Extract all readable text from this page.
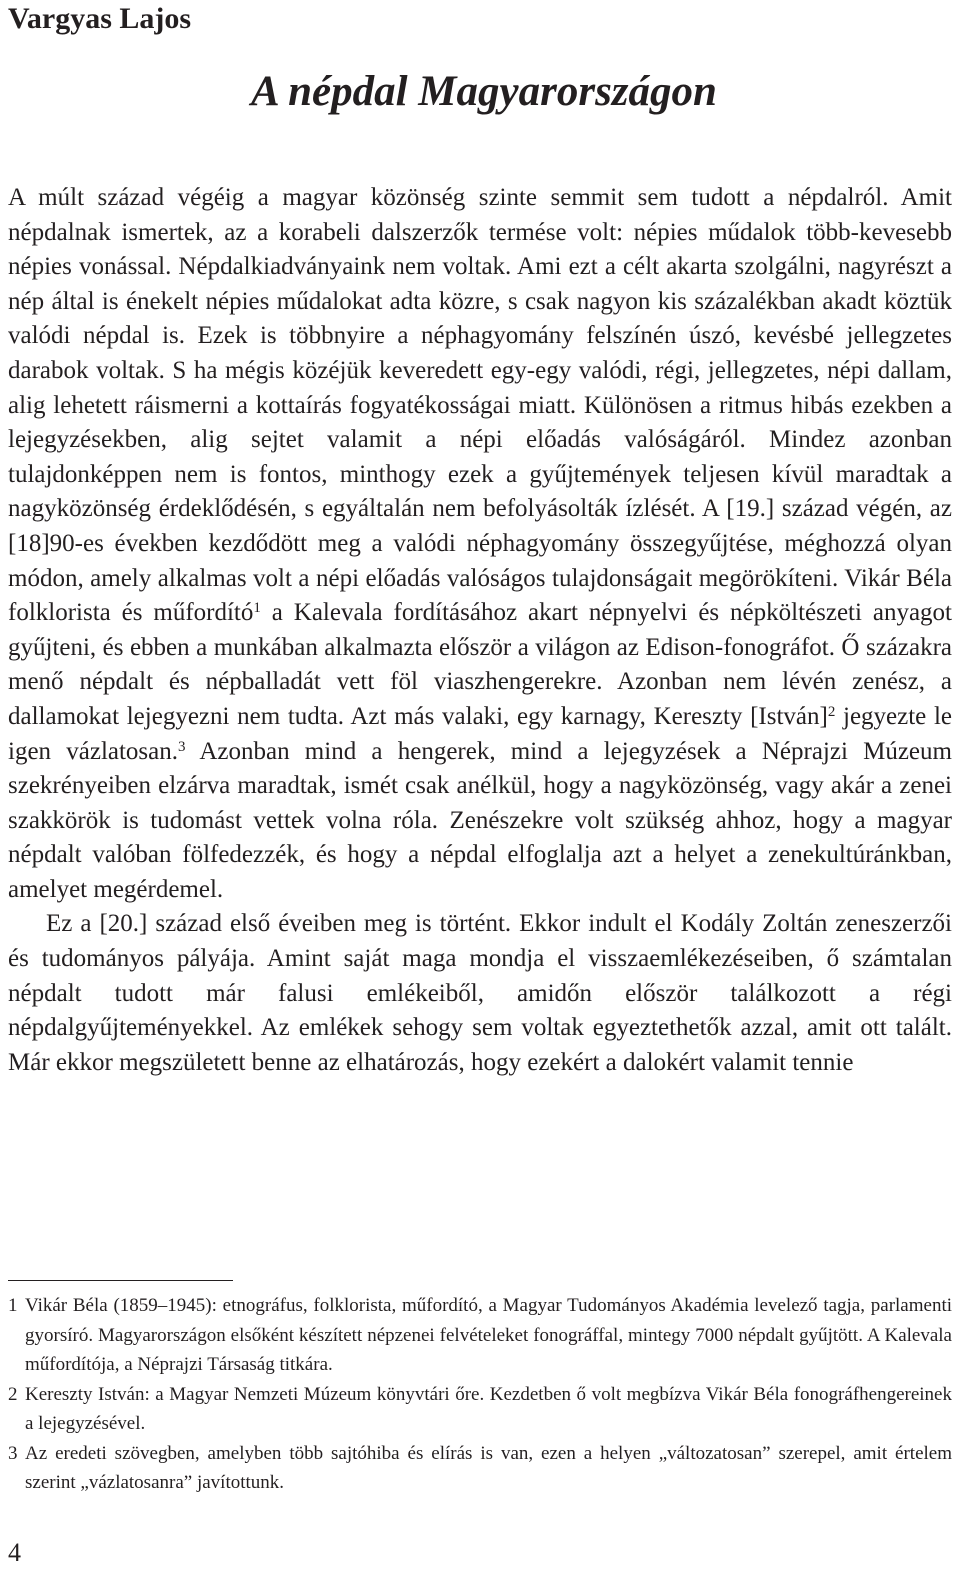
Vargyas Lajos
A népdal Magyarországon

A múlt század végéig a magyar közönség szinte semmit sem tudott a népdalról. Amit népdalnak ismertek, az a korabeli dalszerzők termése volt: népies műdalok több-kevesebb népies vonással. Népdalkiadványaink nem voltak. Ami ezt a célt akarta szolgálni, nagyrészt a nép által is énekelt népies műdalokat adta közre, s csak nagyon kis százalékban akadt köztük valódi népdal is. Ezek is többnyire a néphagyomány felszínén úszó, kevésbé jellegzetes darabok voltak. S ha mégis közéjük keveredett egy-egy valódi, régi, jellegzetes, népi dallam, alig lehetett ráismerni a kottaírás fogyatékosságai miatt. Különösen a ritmus hibás ezekben a lejegyzésekben, alig sejtet valamit a népi előadás valóságáról. Mindez azonban tulajdonképpen nem is fontos, minthogy ezek a gyűjtemények teljesen kívül maradtak a nagyközönség érdeklődésén, s egyáltalán nem befolyásolták ízlését. A [19.] század végén, az [18]90-es években kezdődött meg a valódi néphagyomány összegyűjtése, méghozzá olyan módon, amely alkalmas volt a népi előadás valóságos tulajdonságait megörökíteni. Vikár Béla folklorista és műfordító$^1$ a Kalevala fordításához akart népnyelvi és népköltészeti anyagot gyűjteni, és ebben a munkában alkalmazta először a világon az Edison-fonográfot. Ő százakra menő népdalt és népballadát vett föl viaszhengerekre. Azonban nem lévén zenész, a dallamokat lejegyezni nem tudta. Azt más valaki, egy karnagy, Kereszty [István]$^2$ jegyezte le igen vázlatosan.$^3$ Azonban mind a hengerek, mind a lejegyzések a Néprajzi Múzeum szekrényeiben elzárva maradtak, ismét csak anélkül, hogy a nagyközönség, vagy akár a zenei szakkörök is tudomást vettek volna róla. Zenészekre volt szükség ahhoz, hogy a magyar népdalt valóban fölfedezzék, és hogy a népdal elfoglalja azt a helyet a zenekultúránkban, amelyet megérdemel.

Ez a [20.] század első éveiben meg is történt. Ekkor indult el Kodály Zoltán zeneszerzői és tudományos pályája. Amint saját maga mondja el visszaemlékezéseiben, ő számtalan népdalt tudott már falusi emlékeiből, amidőn először találkozott a régi népdalgyűjteményekkel. Az emlékek sehogy sem voltak egyeztethetők azzal, amit ott talált. Már ekkor megszületett benne az elhatározás, hogy ezekért a dalokért valamit tennie

1 Vikár Béla (1859–1945): etnográfus, folklorista, műfordító, a Magyar Tudományos Akadémia levelező tagja, parlamenti gyorsíró. Magyarországon elsőként készített népzenei felvételeket fonográffal, mintegy 7000 népdalt gyűjtött. A Kalevala műfordítója, a Néprajzi Társaság titkára.
2 Kereszty István: a Magyar Nemzeti Múzeum könyvtári őre. Kezdetben ő volt megbízva Vikár Béla fonográfhengereinek a lejegyzésével.
3 Az eredeti szövegben, amelyben több sajtóhiba és elírás is van, ezen a helyen „változatosan” szerepel, amit értelem szerint „vázlatosanra” javítottunk.
4
